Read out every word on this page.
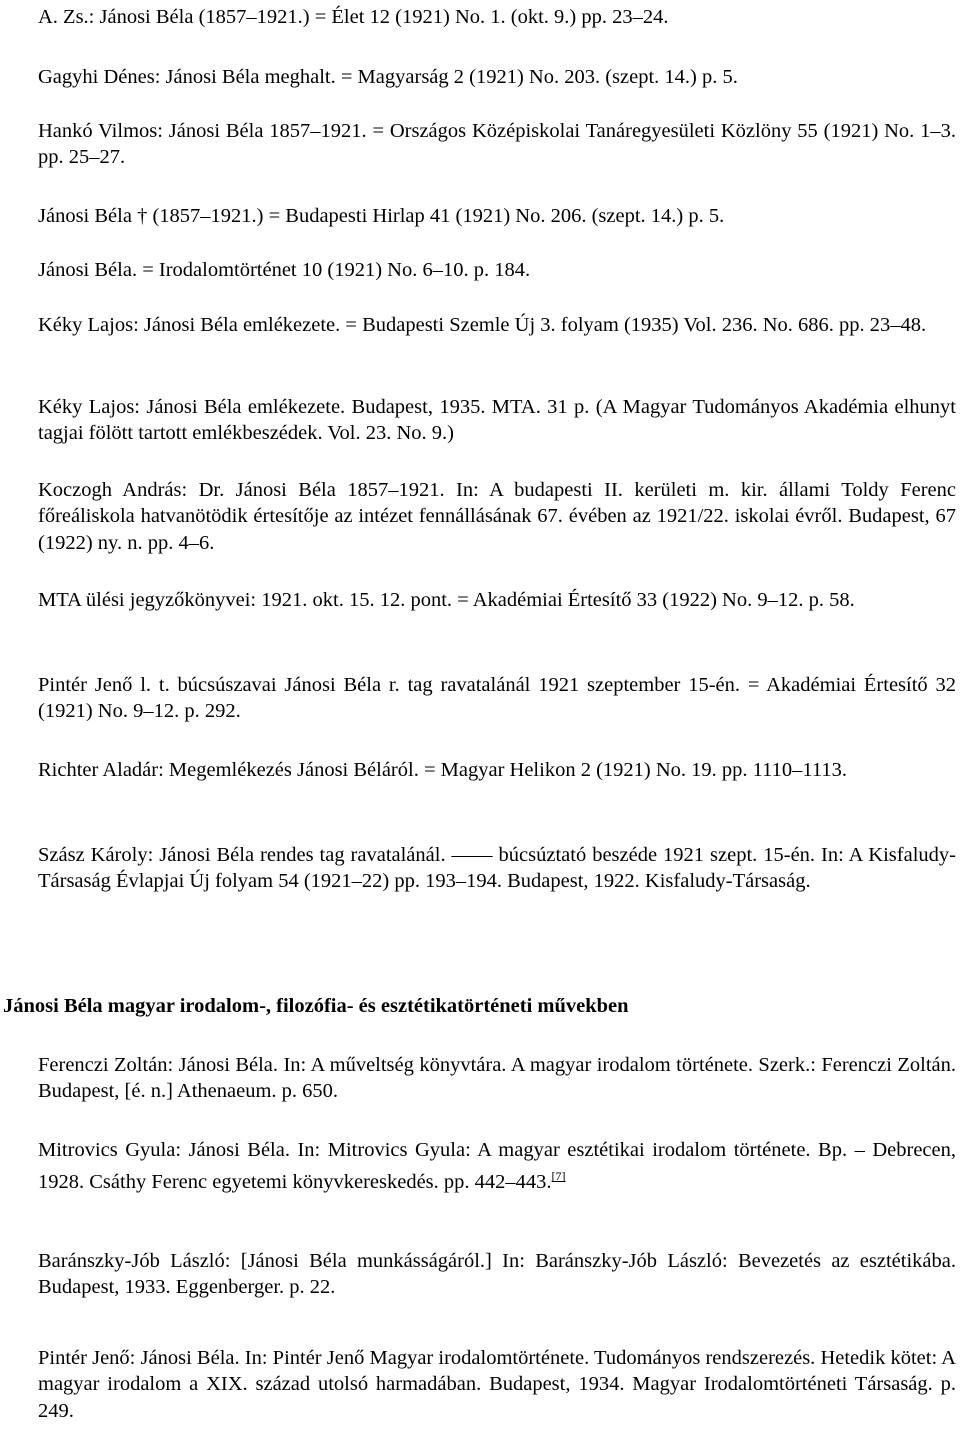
A. Zs.: Jánosi Béla (1857–1921.) = Élet 12 (1921) No. 1. (okt. 9.) pp. 23–24.

Gagyhi Dénes: Jánosi Béla meghalt. = Magyarság 2 (1921) No. 203. (szept. 14.) p. 5.

Hankó Vilmos: Jánosi Béla 1857–1921. = Országos Középiskolai Tanáregyesületi Közlöny 55 (1921) No. 1–3. pp. 25–27.

Jánosi Béla † (1857–1921.) = Budapesti Hirlap 41 (1921) No. 206. (szept. 14.) p. 5.

Jánosi Béla. = Irodalomtörténet 10 (1921) No. 6–10. p. 184.

Kéky Lajos: Jánosi Béla emlékezete. = Budapesti Szemle Új 3. folyam (1935) Vol. 236. No. 686. pp. 23–48.

Kéky Lajos: Jánosi Béla emlékezete. Budapest, 1935. MTA. 31 p. (A Magyar Tudományos Akadémia elhunyt tagjai fölött tartott emlékbeszédek. Vol. 23. No. 9.)

Koczogh András: Dr. Jánosi Béla 1857–1921. In: A budapesti II. kerületi m. kir. állami Toldy Ferenc főreáliskola hatvanötödik értesítője az intézet fennállásának 67. évében az 1921/22. iskolai évről. Budapest, 67 (1922) ny. n. pp. 4–6.

MTA ülési jegyzőkönyvei: 1921. okt. 15. 12. pont. = Akadémiai Értesítő 33 (1922) No. 9–12. p. 58.

Pintér Jenő l. t. búcsúszavai Jánosi Béla r. tag ravatalánál 1921 szeptember 15-én. = Akadémiai Értesítő 32 (1921) No. 9–12. p. 292.

Richter Aladár: Megemlékezés Jánosi Béláról. = Magyar Helikon 2 (1921) No. 19. pp. 1110–1113.

Szász Károly: Jánosi Béla rendes tag ravatalánál. —— búcsúztató beszéde 1921 szept. 15-én. In: A Kisfaludy-Társaság Évlapjai Új folyam 54 (1921–22) pp. 193–194. Budapest, 1922. Kisfaludy-Társaság.

Jánosi Béla magyar irodalom-, filozófia- és esztétikatörténeti művekben

Ferenczi Zoltán: Jánosi Béla. In: A műveltség könyvtára. A magyar irodalom története. Szerk.: Ferenczi Zoltán. Budapest, [é. n.] Athenaeum. p. 650.

Mitrovics Gyula: Jánosi Béla. In: Mitrovics Gyula: A magyar esztétikai irodalom története. Bp. – Debrecen, 1928. Csáthy Ferenc egyetemi könyvkereskedés. pp. 442–443.[7]

Baránszky-Jób László: [Jánosi Béla munkásságáról.] In: Baránszky-Jób László: Bevezetés az esztétikába. Budapest, 1933. Eggenberger. p. 22.

Pintér Jenő: Jánosi Béla. In: Pintér Jenő Magyar irodalomtörténete. Tudományos rendszerezés. Hetedik kötet: A magyar irodalom a XIX. század utolsó harmadában. Budapest, 1934. Magyar Irodalomtörténeti Társaság. p. 249.
